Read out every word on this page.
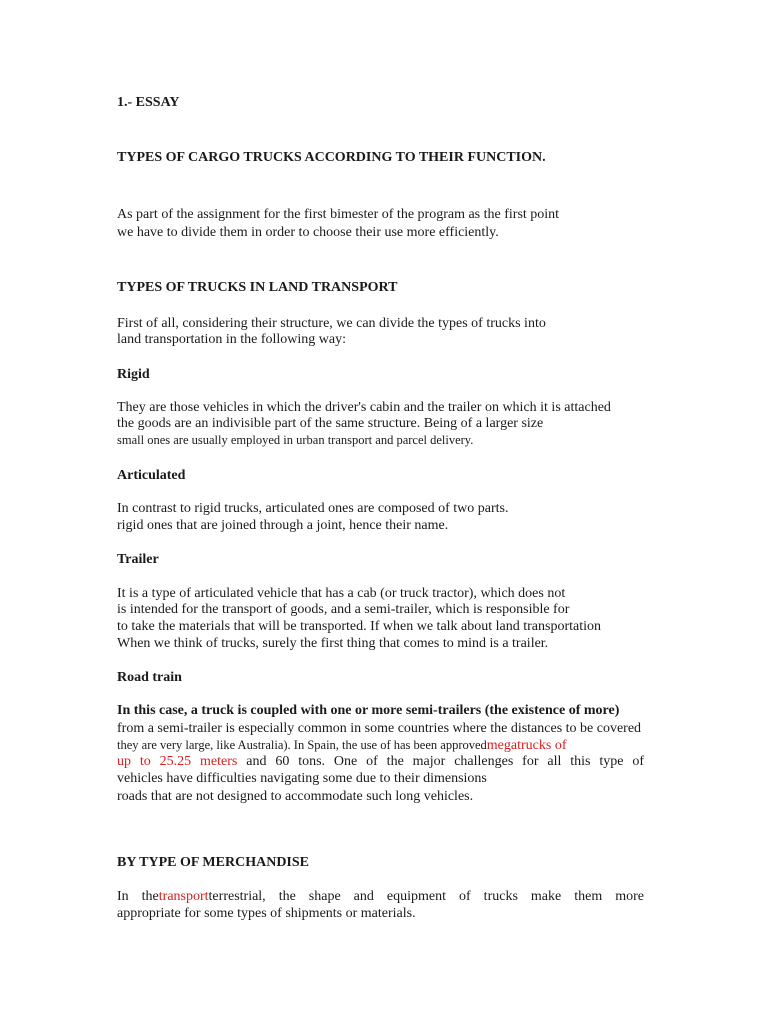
1.- ESSAY
TYPES OF CARGO TRUCKS ACCORDING TO THEIR FUNCTION.
As part of the assignment for the first bimester of the program as the first point
we have to divide them in order to choose their use more efficiently.
TYPES OF TRUCKS IN LAND TRANSPORT
First of all, considering their structure, we can divide the types of trucks into
land transportation in the following way:
Rigid
They are those vehicles in which the driver's cabin and the trailer on which it is attached
the goods are an indivisible part of the same structure. Being of a larger size
small ones are usually employed in urban transport and parcel delivery.
Articulated
In contrast to rigid trucks, articulated ones are composed of two parts.
rigid ones that are joined through a joint, hence their name.
Trailer
It is a type of articulated vehicle that has a cab (or truck tractor), which does not
is intended for the transport of goods, and a semi-trailer, which is responsible for
to take the materials that will be transported. If when we talk about land transportation
When we think of trucks, surely the first thing that comes to mind is a trailer.
Road train
In this case, a truck is coupled with one or more semi-trailers (the existence of more)
from a semi-trailer is especially common in some countries where the distances to be covered
they are very large, like Australia). In Spain, the use of has been approvedmegatrucks of
up to 25.25 meters and 60 tons. One of the major challenges for all this type of
vehicles have difficulties navigating some due to their dimensions
roads that are not designed to accommodate such long vehicles.
BY TYPE OF MERCHANDISE
In thetransportterrestrial, the shape and equipment of trucks make them more
appropriate for some types of shipments or materials.
